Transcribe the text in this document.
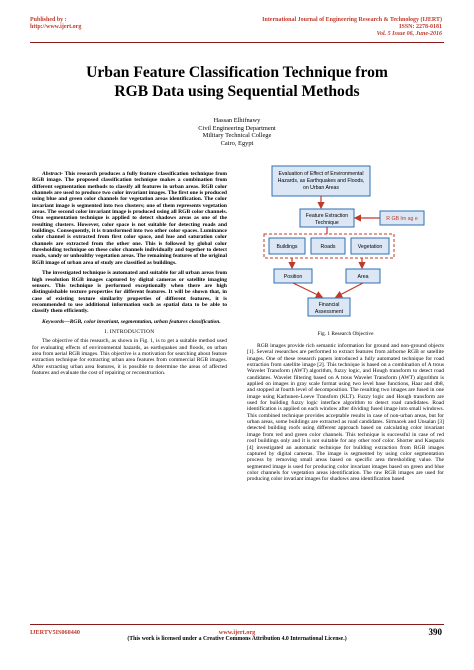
Published by :
http://www.ijert.org
International Journal of Engineering Research & Technology (IJERT)
ISSN: 2278-0181
Vol. 5 Issue 06, June-2016
Urban Feature Classification Technique from
RGB Data using Sequential Methods
Hassan Elhifnawy
Civil Engineering Department
Military Technical College
Cairo, Egypt

Abstract- This research produces a fully feature classification technique from RGB image. The proposed classification technique makes a combination from different segmentation methods to classify all features in urban areas. RGB color channels are used to produce two color invariant images. The first one is produced using blue and green color channels for vegetation areas identification. The color invariant image is segmented into two clusters; one of them represents vegetation areas. The second color invariant image is produced using all RGB color channels. Otsu segmentation technique is applied to detect shadows areas as one of the resulting clusters. However, color space is not suitable for detecting roads and buildings. Consequently, it is transformed into two other color spaces. Luminance color channel is extracted from first color space, and hue and saturation color channels are extracted from the other one. This is followed by global color thresholding technique on these color channels individually and together to detect roads, sandy or unhealthy vegetation areas. The remaining features of the original RGB image of urban area of study are classified as buildings.

The investigated technique is automated and suitable for all urban areas from high resolution RGB images captured by digital cameras or satellite imaging sensors. This technique is performed exceptionally when there are high distinguishable texture properties for different features. It will be shown that, in case of existing texture similarity properties of different features, it is recommended to use additional information such as spatial data to be able to classify them efficiently.

Keywords—RGB, color invariant, segmentation, urban features classification.

I. INTRODUCTION

The objective of this research, as shown in Fig. 1, is to get a suitable method used for evaluating effects of environmental hazards, as earthquakes and floods, on urban area from aerial RGB images. This objective is a motivation for searching about feature extraction technique for extracting urban area features from commercial RGB images. After extracting urban area features, it is possible to determine the areas of affected features and evaluate the cost of repairing or reconstruction.

Evaluation of Effect of Environmental
Hazards, as Earthquakes and Floods,
on Urban Areas
Feature Extraction
Technique
R GB Im ag e
Buildings	Roads	Vegetation
Position	Area
Financial
Assessment
Fig. 1 Research Objective

RGB images provide rich semantic information for ground and non-ground objects [1]. Several researches are performed to extract features from airborne RGB or satellite images. One of these research papers introduced a fully automated technique for road extraction from satellite image [2]. This technique is based on a combination of A trous Wavelet Transform (AWT) algorithm, fuzzy logic, and Hough transform to detect road candidates. Wavelet filtering based on A trous Wavelet Transform (AWT) algorithm is applied on images in gray scale format using two level base functions, Haar and db8, and stopped at fourth level of decomposition. The resulting two images are fused in one image using Karhunen-Loeve Transfom (KLT). Fuzzy logic and Hough transform are used for building fuzzy logic interface algorithm to detect road candidates. Road identification is applied on each window after dividing fused image into small windows. This combined technique provides acceptable results in case of non-urban areas, but for urban areas, some buildings are extracted as road candidates. Sirmacek and Unsalan [3] detected building roofs using different approach based on calculating color invariant image from red and green color channels. This technique is successful in case of red roof buildings only and it is not suitable for any other roof color. Shorter and Kasparis [4] investigated an automatic technique for building extraction from RGB images captured by digital cameras. The image is segmented by using color segmentation process by removing small areas based on specific area thresholding value. The segmented image is used for producing color invariant images based on green and blue color channels for vegetation areas identification. The raw RGB images are used for producing color invariant images for shadows area identification based

IJERTV5IS060440	www.ijert.org
(This work is licensed under a Creative Commons Attribution 4.0 International License.)
390
